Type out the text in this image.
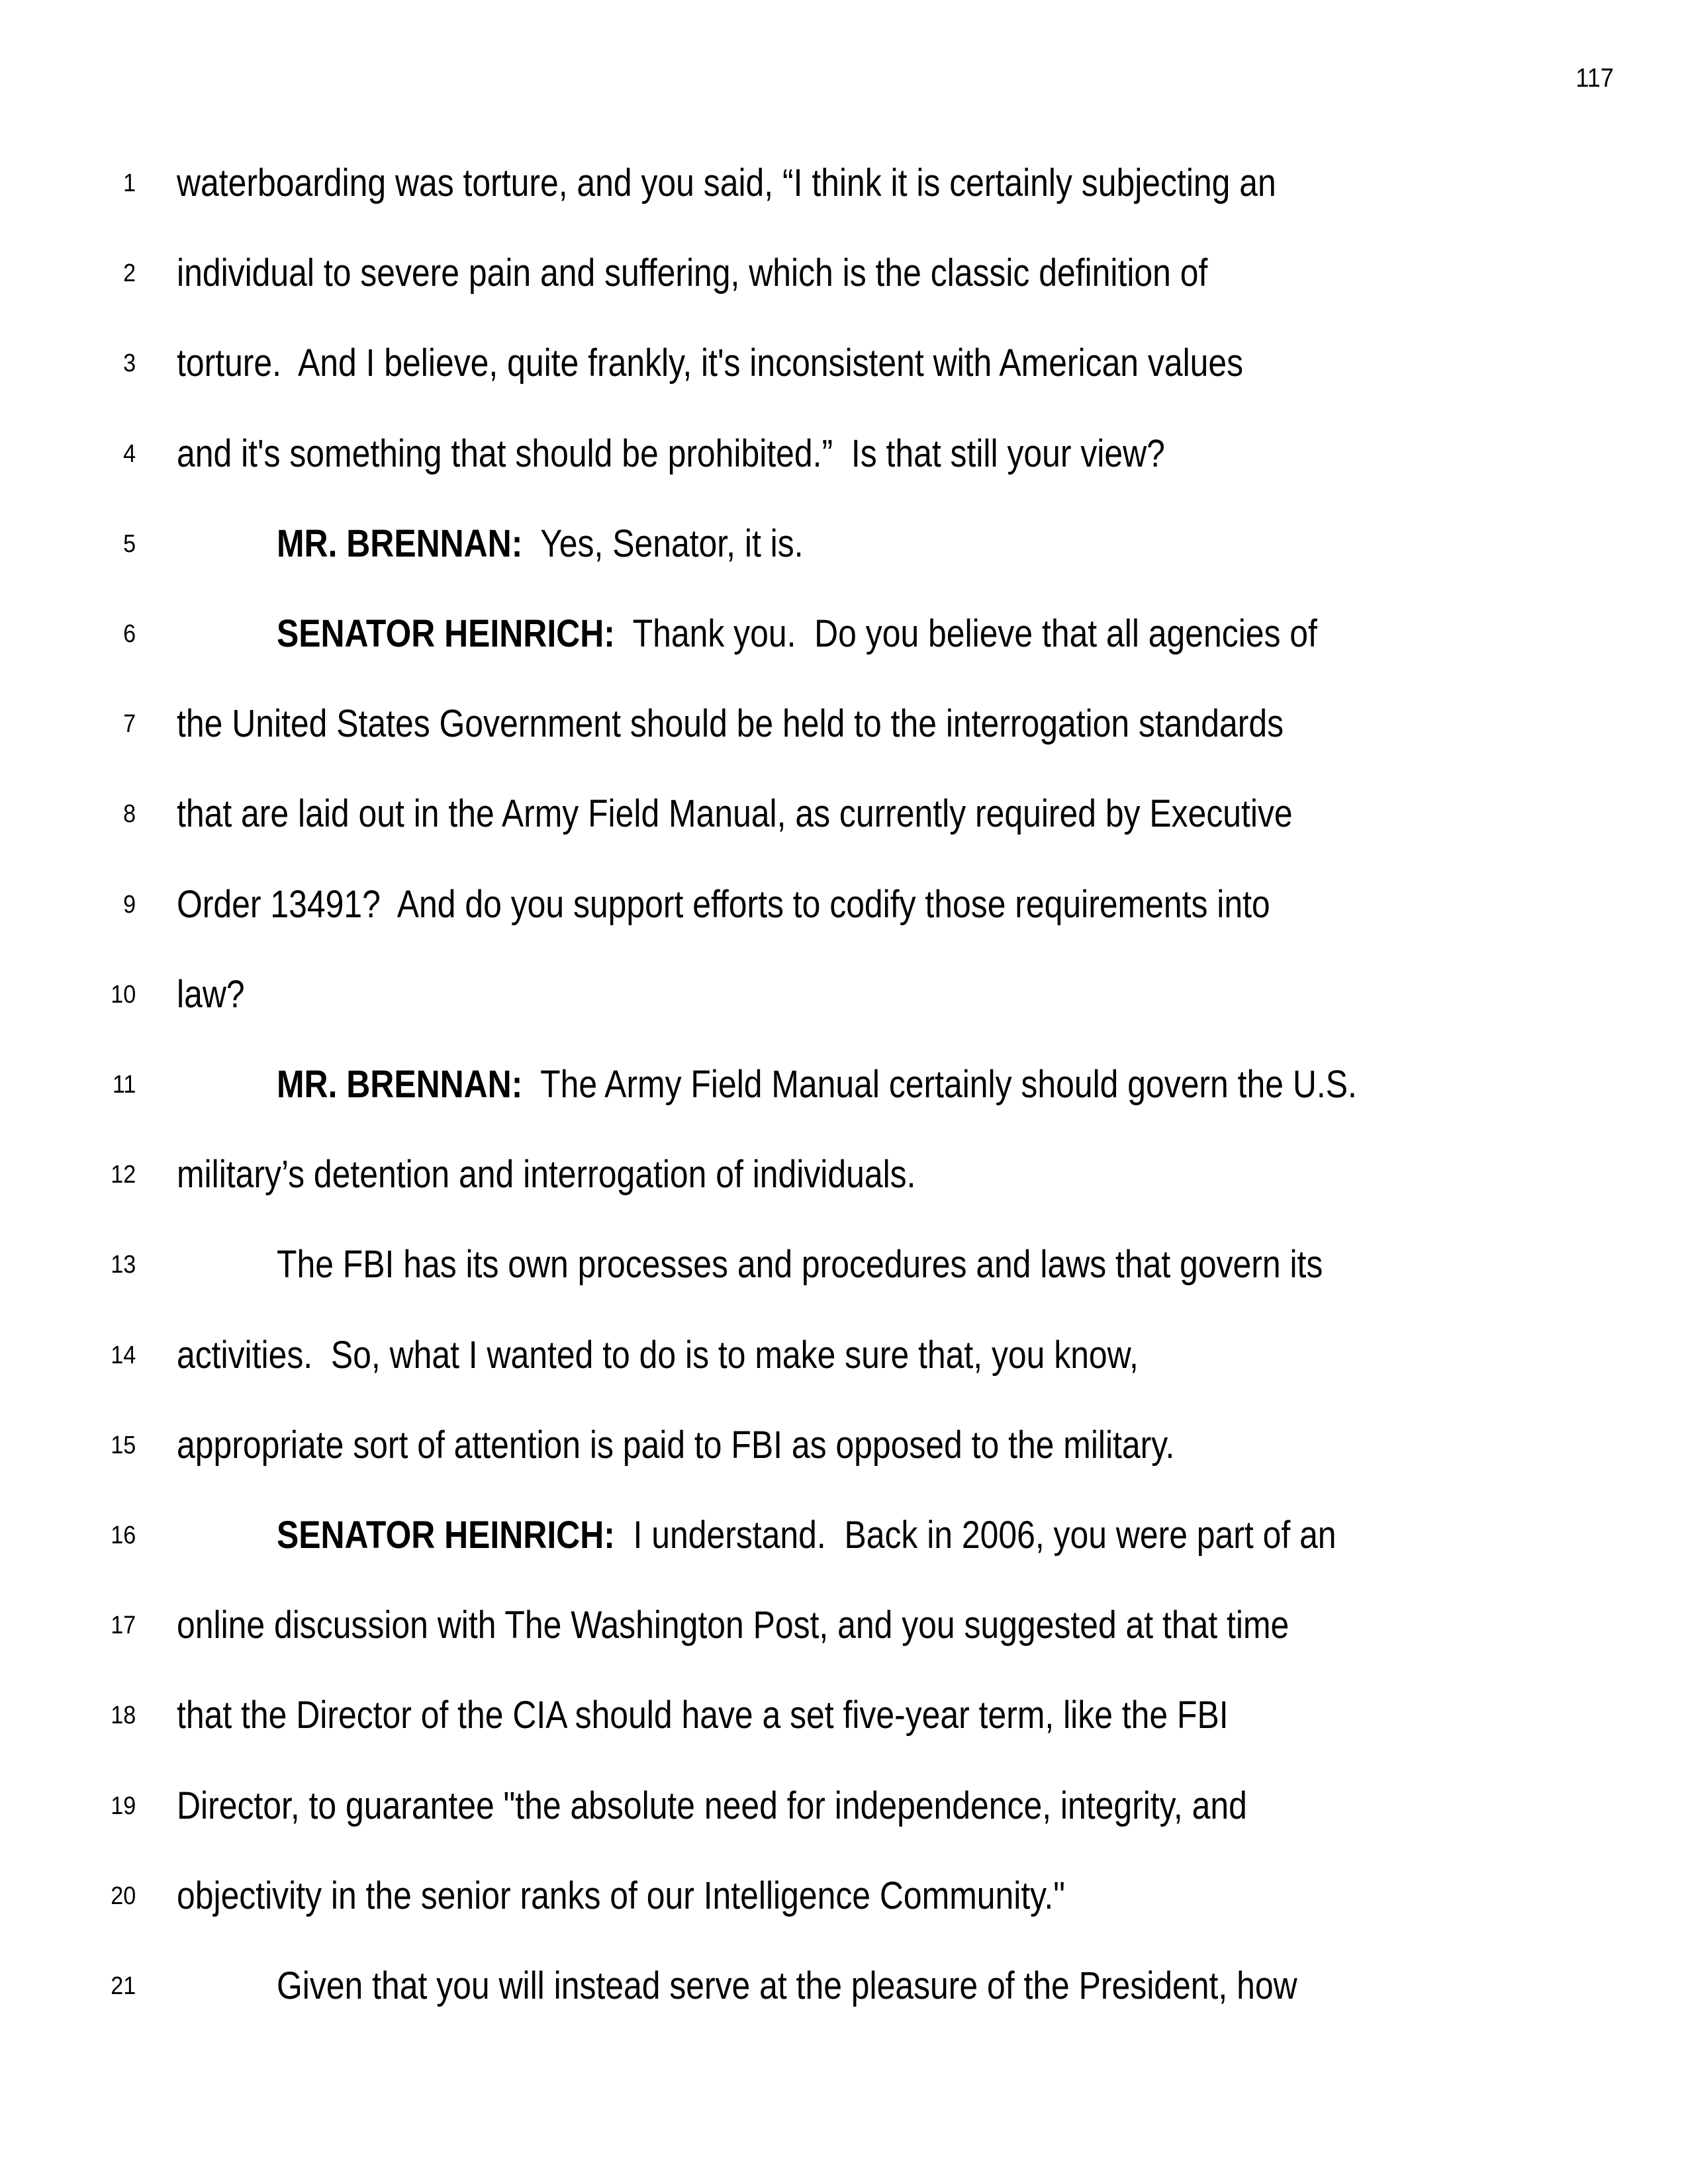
117
1 waterboarding was torture, and you said, “I think it is certainly subjecting an
2 individual to severe pain and suffering, which is the classic definition of
3 torture.  And I believe, quite frankly, it's inconsistent with American values
4 and it's something that should be prohibited.”  Is that still your view?
5	MR. BRENNAN:  Yes, Senator, it is.
6	SENATOR HEINRICH:  Thank you.  Do you believe that all agencies of
7 the United States Government should be held to the interrogation standards
8 that are laid out in the Army Field Manual, as currently required by Executive
9 Order 13491?  And do you support efforts to codify those requirements into
10 law?
11	MR. BRENNAN:  The Army Field Manual certainly should govern the U.S.
12 military’s detention and interrogation of individuals.
13	The FBI has its own processes and procedures and laws that govern its
14 activities.  So, what I wanted to do is to make sure that, you know,
15 appropriate sort of attention is paid to FBI as opposed to the military.
16	SENATOR HEINRICH:  I understand.  Back in 2006, you were part of an
17 online discussion with The Washington Post, and you suggested at that time
18 that the Director of the CIA should have a set five-year term, like the FBI
19 Director, to guarantee "the absolute need for independence, integrity, and
20 objectivity in the senior ranks of our Intelligence Community."
21	Given that you will instead serve at the pleasure of the President, how
